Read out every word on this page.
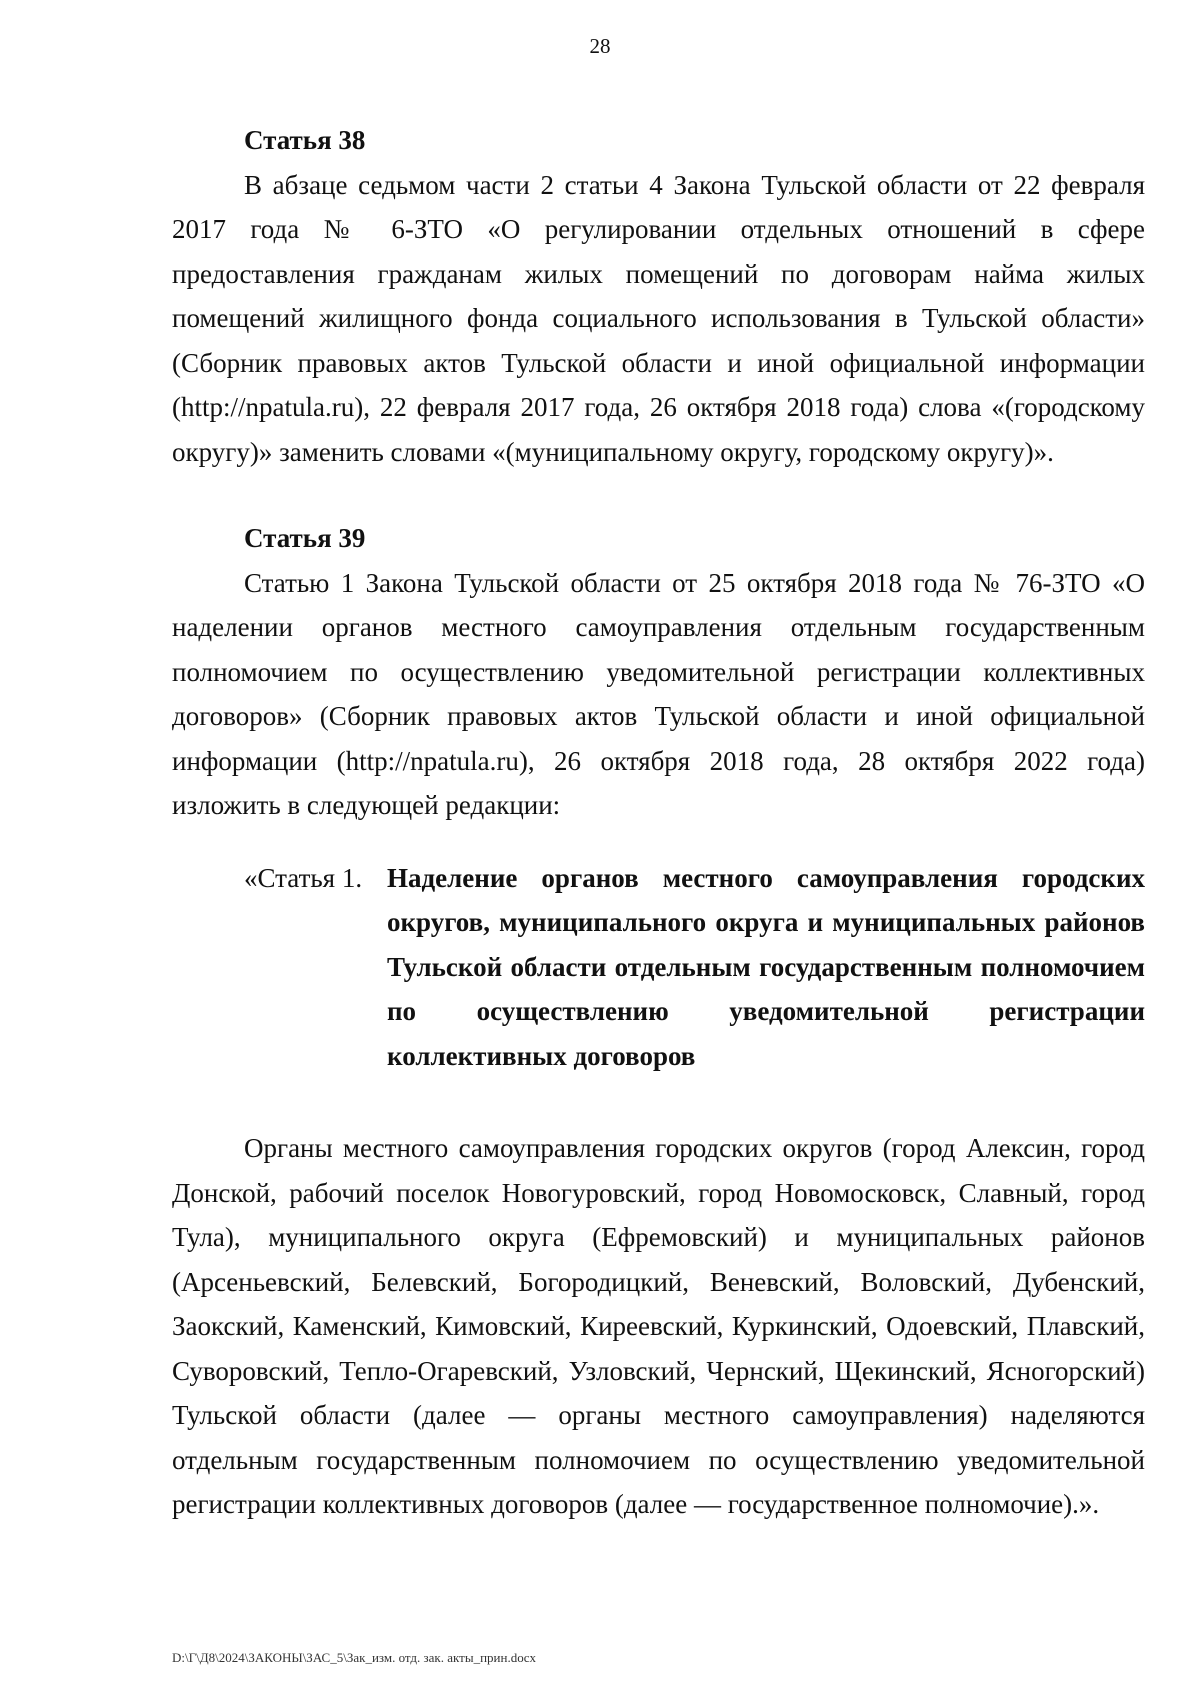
28

Статья 38

В абзаце седьмом части 2 статьи 4 Закона Тульской области от 22 февраля 2017 года № 6-ЗТО «О регулировании отдельных отношений в сфере предоставления гражданам жилых помещений по договорам найма жилых помещений жилищного фонда социального использования в Тульской области» (Сборник правовых актов Тульской области и иной официальной информации (http://npatula.ru), 22 февраля 2017 года, 26 октября 2018 года) слова «(городскому округу)» заменить словами «(муниципальному округу, городскому округу)».

Статья 39

Статью 1 Закона Тульской области от 25 октября 2018 года № 76-ЗТО «О наделении органов местного самоуправления отдельным государственным полномочием по осуществлению уведомительной регистрации коллективных договоров» (Сборник правовых актов Тульской области и иной официальной информации (http://npatula.ru), 26 октября 2018 года, 28 октября 2022 года) изложить в следующей редакции:

«Статья 1. Наделение органов местного самоуправления городских округов, муниципального округа и муниципальных районов Тульской области отдельным государственным полномочием по осуществлению уведомительной регистрации коллективных договоров

Органы местного самоуправления городских округов (город Алексин, город Донской, рабочий поселок Новогуровский, город Новомосковск, Славный, город Тула), муниципального округа (Ефремовский) и муниципальных районов (Арсеньевский, Белевский, Богородицкий, Веневский, Воловский, Дубенский, Заокский, Каменский, Кимовский, Киреевский, Куркинский, Одоевский, Плавский, Суворовский, Тепло-Огаревский, Узловский, Чернский, Щекинский, Ясногорский) Тульской области (далее — органы местного самоуправления) наделяются отдельным государственным полномочием по осуществлению уведомительной регистрации коллективных договоров (далее — государственное полномочие).».

D:\Г\Д8\2024\ЗАКОНЫ\ЗАС_5\Зак_изм. отд. зак. акты_прин.docx
